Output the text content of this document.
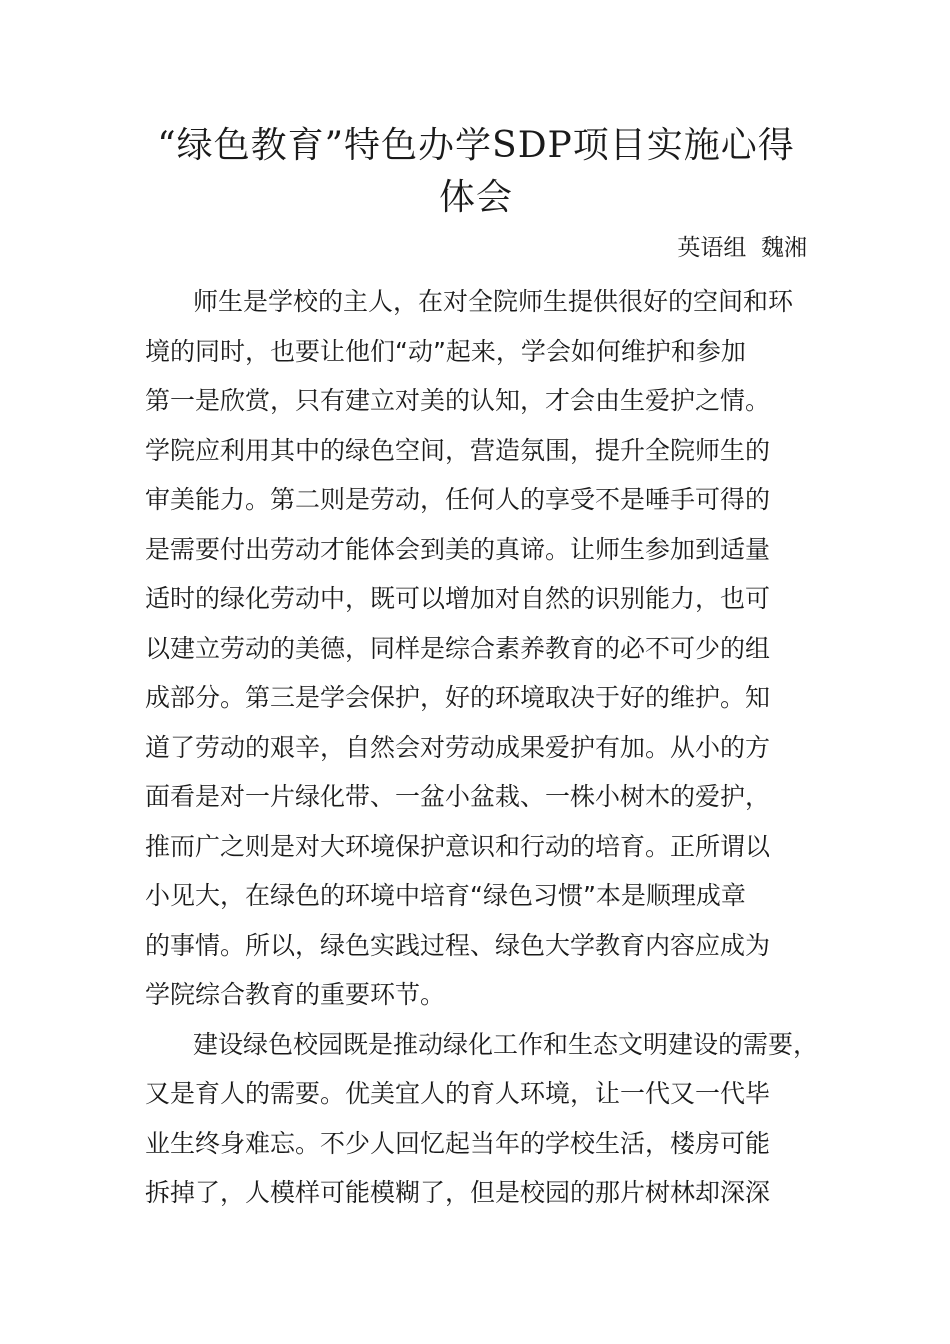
“绿色教育”特色办学SDP项目实施心得
体会
英语组  魏湘
师生是学校的主人，在对全院师生提供很好的空间和环
境的同时，也要让他们“动”起来，学会如何维护和参加
第一是欣赏，只有建立对美的认知，才会由生爱护之情。
学院应利用其中的绿色空间，营造氛围，提升全院师生的
审美能力。第二则是劳动，任何人的享受不是唾手可得的
是需要付出劳动才能体会到美的真谛。让师生参加到适量
适时的绿化劳动中，既可以增加对自然的识别能力，也可
以建立劳动的美德，同样是综合素养教育的必不可少的组
成部分。第三是学会保护，好的环境取决于好的维护。知
道了劳动的艰辛，自然会对劳动成果爱护有加。从小的方
面看是对一片绿化带、一盆小盆栽、一株小树木的爱护，
推而广之则是对大环境保护意识和行动的培育。正所谓以
小见大，在绿色的环境中培育“绿色习惯”本是顺理成章
的事情。所以，绿色实践过程、绿色大学教育内容应成为
学院综合教育的重要环节。
建设绿色校园既是推动绿化工作和生态文明建设的需要，
又是育人的需要。优美宜人的育人环境，让一代又一代毕
业生终身难忘。不少人回忆起当年的学校生活，楼房可能
拆掉了，人模样可能模糊了，但是校园的那片树林却深深
